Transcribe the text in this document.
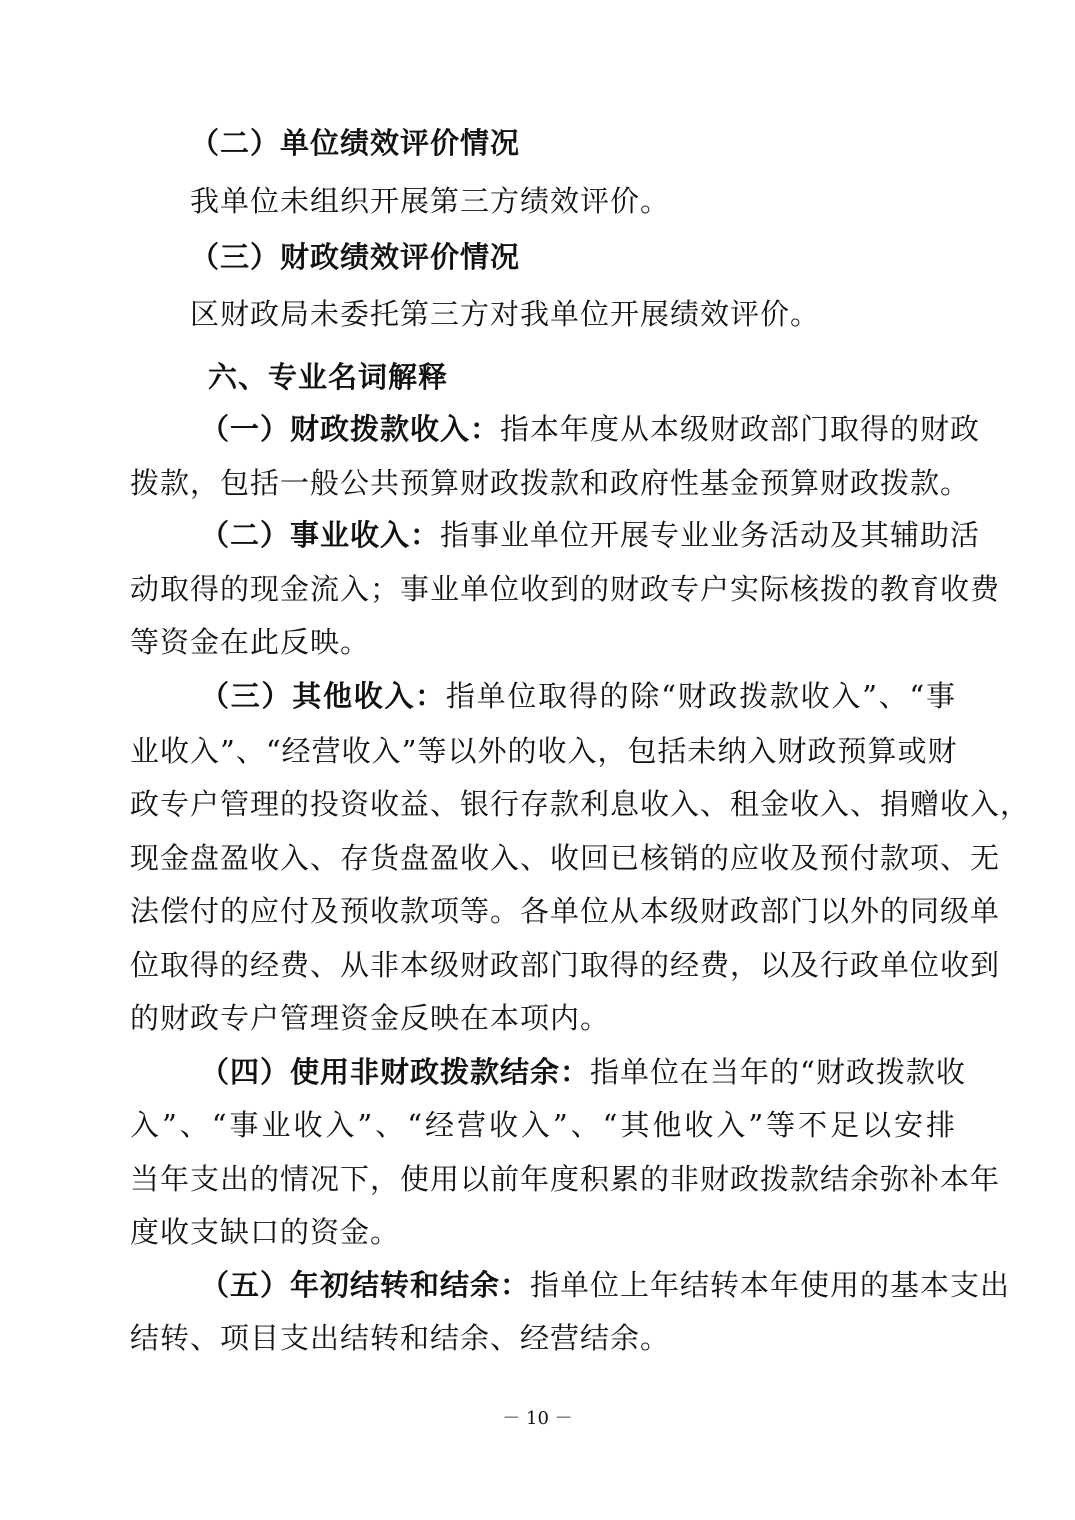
（二）单位绩效评价情况
我单位未组织开展第三方绩效评价。
（三）财政绩效评价情况
区财政局未委托第三方对我单位开展绩效评价。
六、专业名词解释
（一）财政拨款收入：指本年度从本级财政部门取得的财政
拨款，包括一般公共预算财政拨款和政府性基金预算财政拨款。
（二）事业收入：指事业单位开展专业业务活动及其辅助活
动取得的现金流入；事业单位收到的财政专户实际核拨的教育收费
等资金在此反映。
（三）其他收入：指单位取得的除“财政拨款收入”、“事
业收入”、“经营收入”等以外的收入，包括未纳入财政预算或财
政专户管理的投资收益、银行存款利息收入、租金收入、捐赠收入，
现金盘盈收入、存货盘盈收入、收回已核销的应收及预付款项、无
法偿付的应付及预收款项等。各单位从本级财政部门以外的同级单
位取得的经费、从非本级财政部门取得的经费，以及行政单位收到
的财政专户管理资金反映在本项内。
（四）使用非财政拨款结余：指单位在当年的“财政拨款收
入”、“事业收入”、“经营收入”、“其他收入”等不足以安排
当年支出的情况下，使用以前年度积累的非财政拨款结余弥补本年
度收支缺口的资金。
（五）年初结转和结余：指单位上年结转本年使用的基本支出
结转、项目支出结转和结余、经营结余。
－ 10 －
